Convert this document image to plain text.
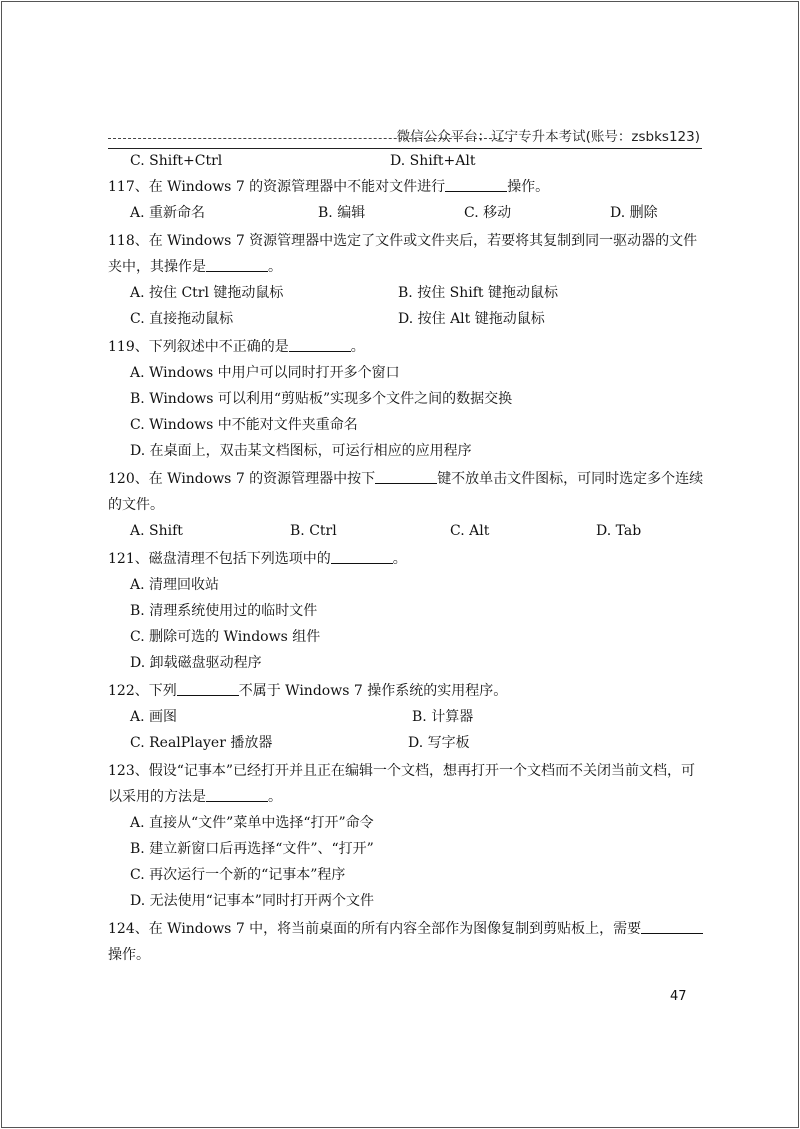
微信公众平台：辽宁专升本考试(账号：zsbks123)
C. Shift+Ctrl	D. Shift+Alt
117、在 Windows 7 的资源管理器中不能对文件进行	操作。
A. 重新命名	B. 编辑	C. 移动	D. 删除
118、在 Windows 7 资源管理器中选定了文件或文件夹后，若要将其复制到同一驱动器的文件夹中，其操作是	。
A. 按住 Ctrl 键拖动鼠标	B. 按住 Shift 键拖动鼠标
C. 直接拖动鼠标	D. 按住 Alt 键拖动鼠标
119、下列叙述中不正确的是	。
A. Windows 中用户可以同时打开多个窗口
B. Windows 可以利用“剪贴板”实现多个文件之间的数据交换
C. Windows 中不能对文件夹重命名
D. 在桌面上，双击某文档图标，可运行相应的应用程序
120、在 Windows 7 的资源管理器中按下	键不放单击文件图标，可同时选定多个连续的文件。
A. Shift	B. Ctrl	C. Alt	D. Tab
121、磁盘清理不包括下列选项中的	。
A. 清理回收站
B. 清理系统使用过的临时文件
C. 删除可选的 Windows 组件
D. 卸载磁盘驱动程序
122、下列	不属于 Windows 7 操作系统的实用程序。
A. 画图	B. 计算器
C. RealPlayer 播放器	D. 写字板
123、假设“记事本”已经打开并且正在编辑一个文档，想再打开一个文档而不关闭当前文档，可以采用的方法是	。
A. 直接从“文件”菜单中选择“打开”命令
B. 建立新窗口后再选择“文件”、“打开”
C. 再次运行一个新的“记事本”程序
D. 无法使用“记事本”同时打开两个文件
124、在 Windows 7 中，将当前桌面的所有内容全部作为图像复制到剪贴板上，需要操作。
47
